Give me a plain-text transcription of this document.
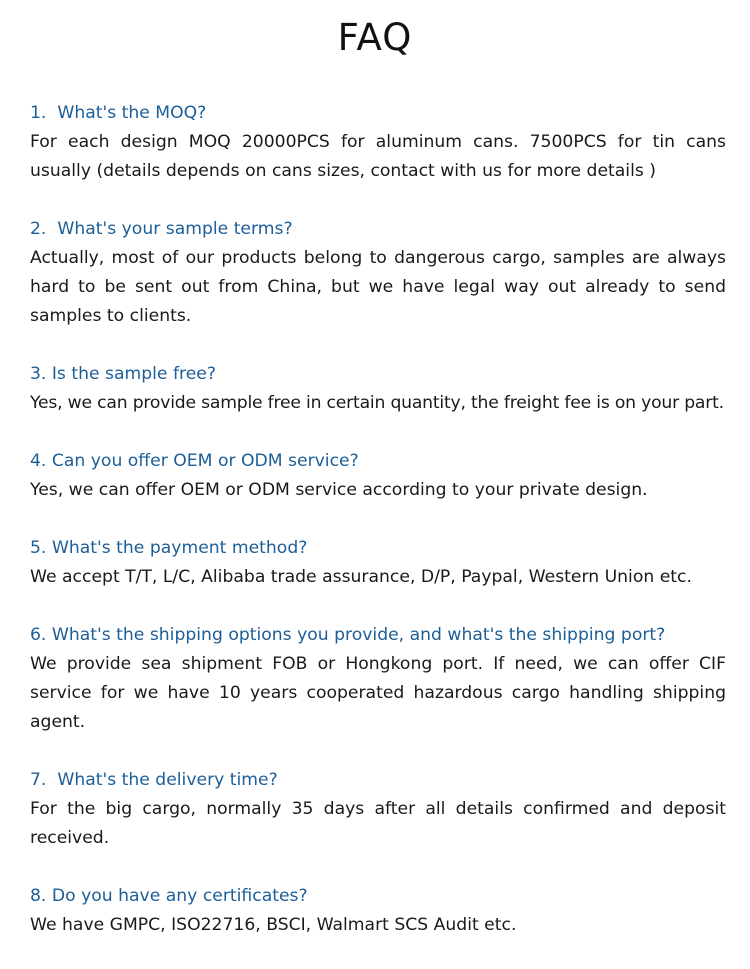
FAQ

1.  What's the MOQ?

For each design MOQ 20000PCS for aluminum cans. 7500PCS for tin cans usually (details depends on cans sizes, contact with us for more details )

2.  What's your sample terms?

Actually, most of our products belong to dangerous cargo, samples are always hard to be sent out from China, but we have legal way out already to send samples to clients.

3. Is the sample free?

Yes, we can provide sample free in certain quantity, the freight fee is on your part.

4. Can you offer OEM or ODM service?

Yes, we can offer OEM or ODM service according to your private design.

5. What's the payment method?

We accept T/T, L/C, Alibaba trade assurance, D/P, Paypal, Western Union etc.

6. What's the shipping options you provide, and what's the shipping port?

We provide sea shipment FOB or Hongkong port. If need, we can offer CIF service for we have 10 years cooperated hazardous cargo handling shipping agent.

7.  What's the delivery time?

For the big cargo, normally 35 days after all details confirmed and deposit received.

8. Do you have any certificates?

We have GMPC, ISO22716, BSCI, Walmart SCS Audit etc.
